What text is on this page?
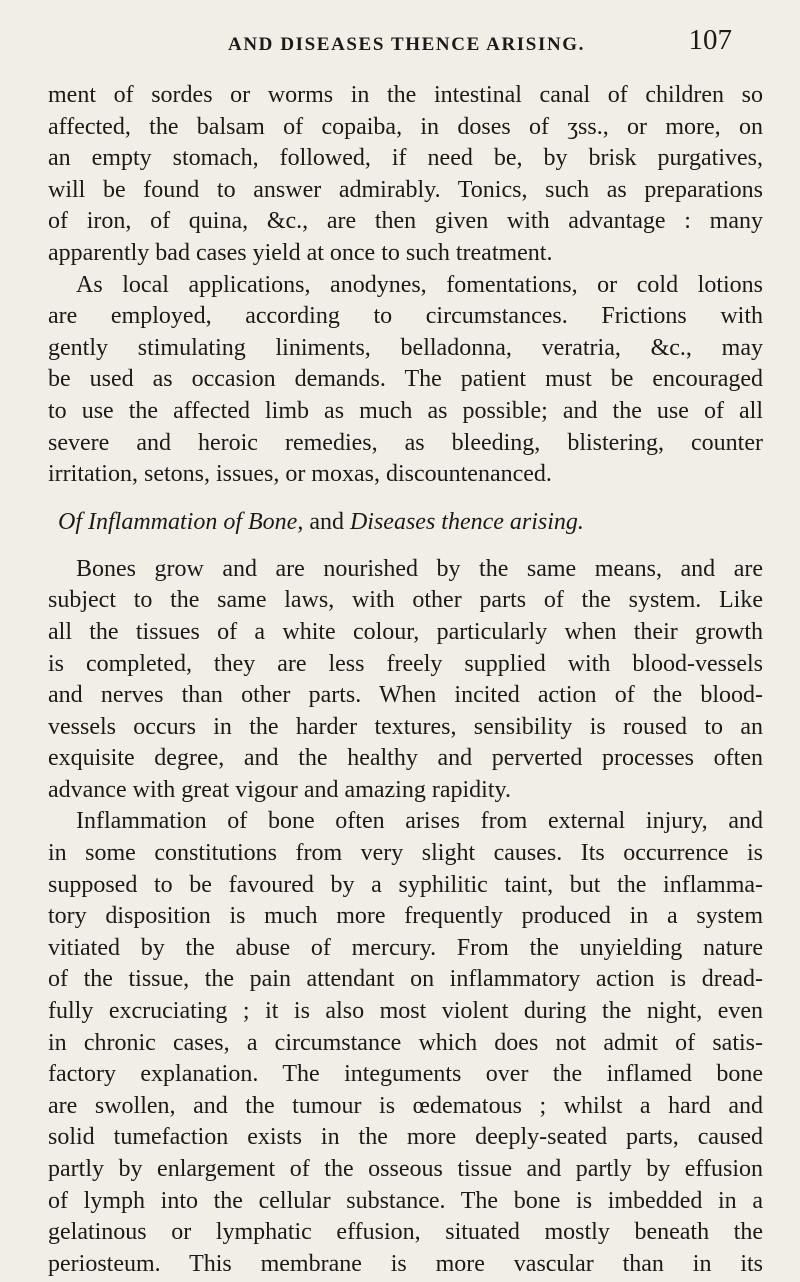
AND DISEASES THENCE ARISING.	107
ment of sordes or worms in the intestinal canal of children so
affected, the balsam of copaiba, in doses of ʒss., or more, on
an empty stomach, followed, if need be, by brisk purgatives,
will be found to answer admirably. Tonics, such as preparations
of iron, of quina, &c., are then given with advantage : many
apparently bad cases yield at once to such treatment.
As local applications, anodynes, fomentations, or cold lotions
are employed, according to circumstances. Frictions with
gently stimulating liniments, belladonna, veratria, &c., may
be used as occasion demands. The patient must be encouraged
to use the affected limb as much as possible; and the use of all
severe and heroic remedies, as bleeding, blistering, counter
irritation, setons, issues, or moxas, discountenanced.
Of Inflammation of Bone, and Diseases thence arising.
Bones grow and are nourished by the same means, and are
subject to the same laws, with other parts of the system. Like
all the tissues of a white colour, particularly when their growth
is completed, they are less freely supplied with blood-vessels
and nerves than other parts. When incited action of the blood-
vessels occurs in the harder textures, sensibility is roused to an
exquisite degree, and the healthy and perverted processes often
advance with great vigour and amazing rapidity.
Inflammation of bone often arises from external injury, and
in some constitutions from very slight causes. Its occurrence is
supposed to be favoured by a syphilitic taint, but the inflamma-
tory disposition is much more frequently produced in a system
vitiated by the abuse of mercury. From the unyielding nature
of the tissue, the pain attendant on inflammatory action is dread-
fully excruciating ; it is also most violent during the night, even
in chronic cases, a circumstance which does not admit of satis-
factory explanation. The integuments over the inflamed bone
are swollen, and the tumour is œdematous ; whilst a hard and
solid tumefaction exists in the more deeply-seated parts, caused
partly by enlargement of the osseous tissue and partly by effusion
of lymph into the cellular substance. The bone is imbedded in a
gelatinous or lymphatic effusion, situated mostly beneath the
periosteum. This membrane is more vascular than in its
